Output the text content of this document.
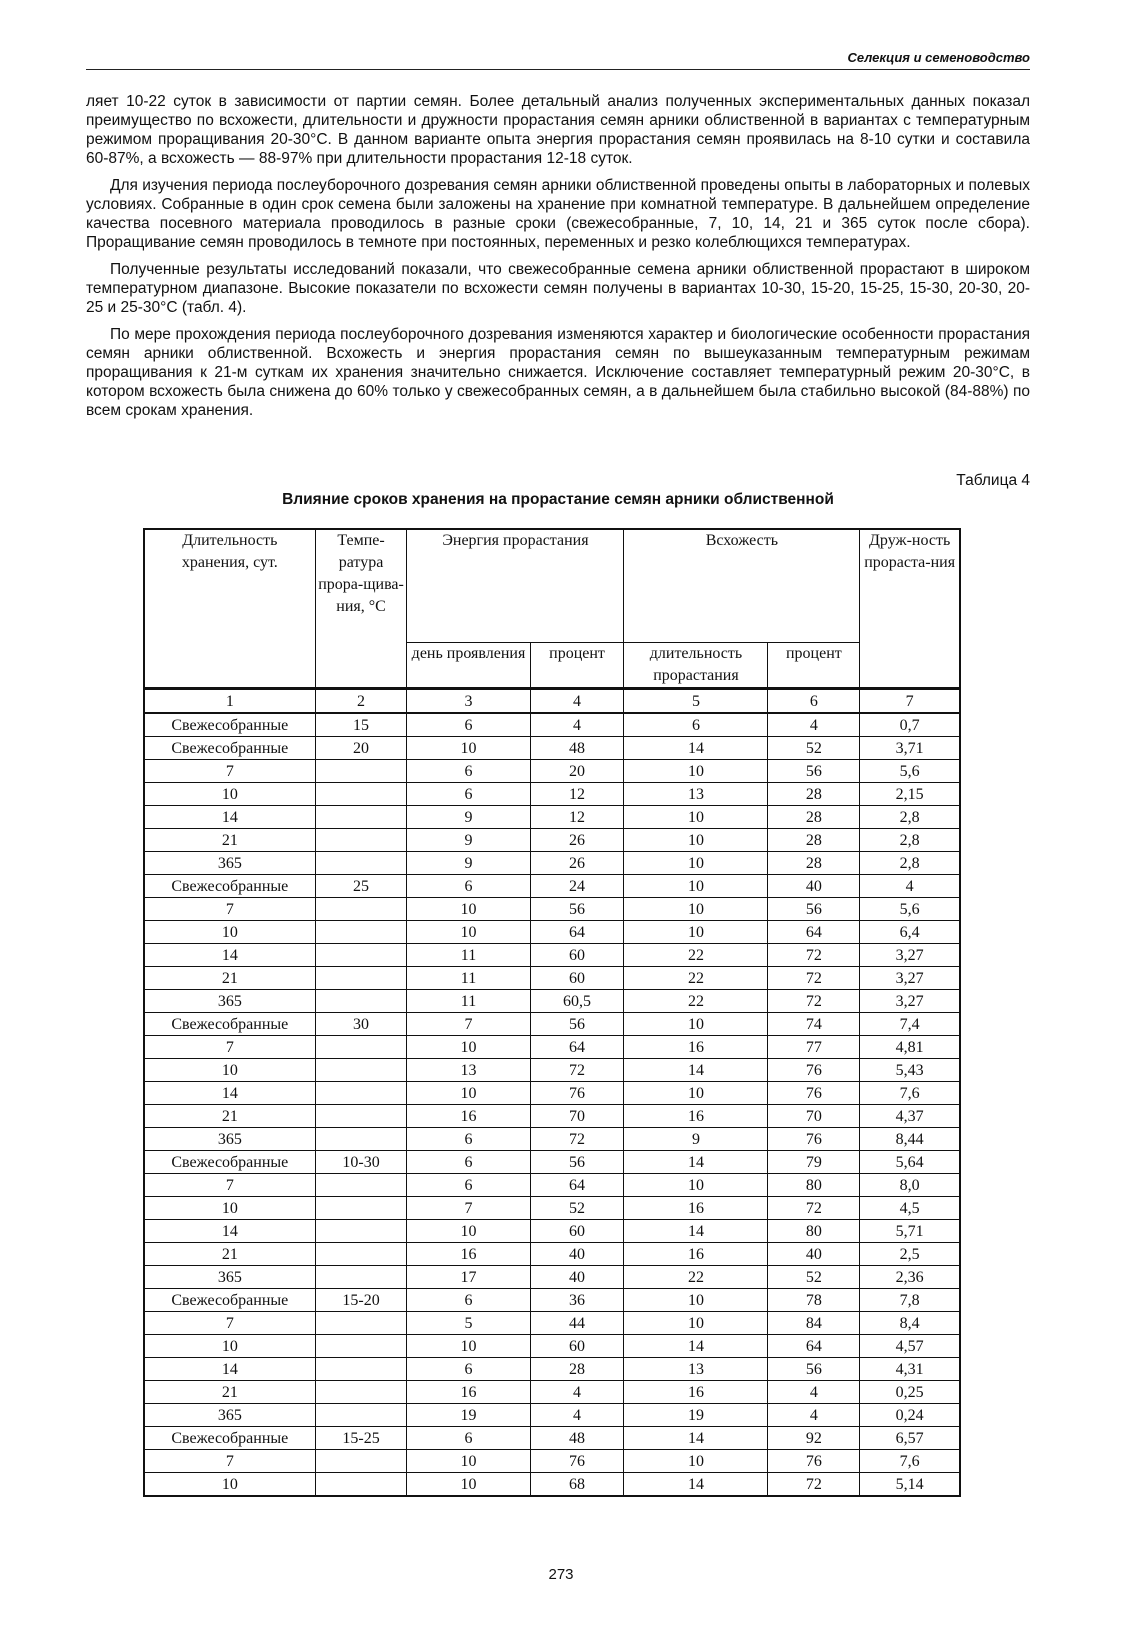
Селекция и семеноводство

ляет 10-22 суток в зависимости от партии семян. Более детальный анализ полученных экспериментальных данных показал преимущество по всхожести, длительности и дружности прорастания семян арники облиственной в вариантах с температурным режимом проращивания 20-30°С. В данном варианте опыта энергия прорастания семян проявилась на 8-10 сутки и составила 60-87%, а всхожесть — 88-97% при длительности прорастания 12-18 суток.

Для изучения периода послеуборочного дозревания семян арники облиственной проведены опыты в лабораторных и полевых условиях. Собранные в один срок семена были заложены на хранение при комнатной температуре. В дальнейшем определение качества посевного материала проводилось в разные сроки (свежесобранные, 7, 10, 14, 21 и 365 суток после сбора). Проращивание семян проводилось в темноте при постоянных, переменных и резко колеблющихся температурах.

Полученные результаты исследований показали, что свежесобранные семена арники облиственной прорастают в широком температурном диапазоне. Высокие показатели по всхожести семян получены в вариантах 10-30, 15-20, 15-25, 15-30, 20-30, 20-25 и 25-30°С (табл. 4).

По мере прохождения периода послеуборочного дозревания изменяются характер и биологические особенности прорастания семян арники облиственной. Всхожесть и энергия прорастания семян по вышеуказанным температурным режимам проращивания к 21-м суткам их хранения значительно снижается. Исключение составляет температурный режим 20-30°С, в котором всхожесть была снижена до 60% только у свежесобранных семян, а в дальнейшем была стабильно высокой (84-88%) по всем срокам хранения.

Таблица 4
Влияние сроков хранения на прорастание семян арники облиственной
Длительность хранения, сут.	Темпе-ратура прора-щива-ния, °С	Энергия прорастания		Всхожесть		Друж-ность прораста-ния
		день проявления	процент	длительность прорастания	процент	
1	2	3	4	5	6	7
Свежесобранные	15	6	4	6	4	0,7
Свежесобранные	20	10	48	14	52	3,71
7		6	20	10	56	5,6
10		6	12	13	28	2,15
14		9	12	10	28	2,8
21		9	26	10	28	2,8
365		9	26	10	28	2,8
Свежесобранные	25	6	24	10	40	4
7		10	56	10	56	5,6
10		10	64	10	64	6,4
14		11	60	22	72	3,27
21		11	60	22	72	3,27
365		11	60,5	22	72	3,27
Свежесобранные	30	7	56	10	74	7,4
7		10	64	16	77	4,81
10		13	72	14	76	5,43
14		10	76	10	76	7,6
21		16	70	16	70	4,37
365		6	72	9	76	8,44
Свежесобранные	10-30	6	56	14	79	5,64
7		6	64	10	80	8,0
10		7	52	16	72	4,5
14		10	60	14	80	5,71
21		16	40	16	40	2,5
365		17	40	22	52	2,36
Свежесобранные	15-20	6	36	10	78	7,8
7		5	44	10	84	8,4
10		10	60	14	64	4,57
14		6	28	13	56	4,31
21		16	4	16	4	0,25
365		19	4	19	4	0,24
Свежесобранные	15-25	6	48	14	92	6,57
7		10	76	10	76	7,6
10		10	68	14	72	5,14
273
